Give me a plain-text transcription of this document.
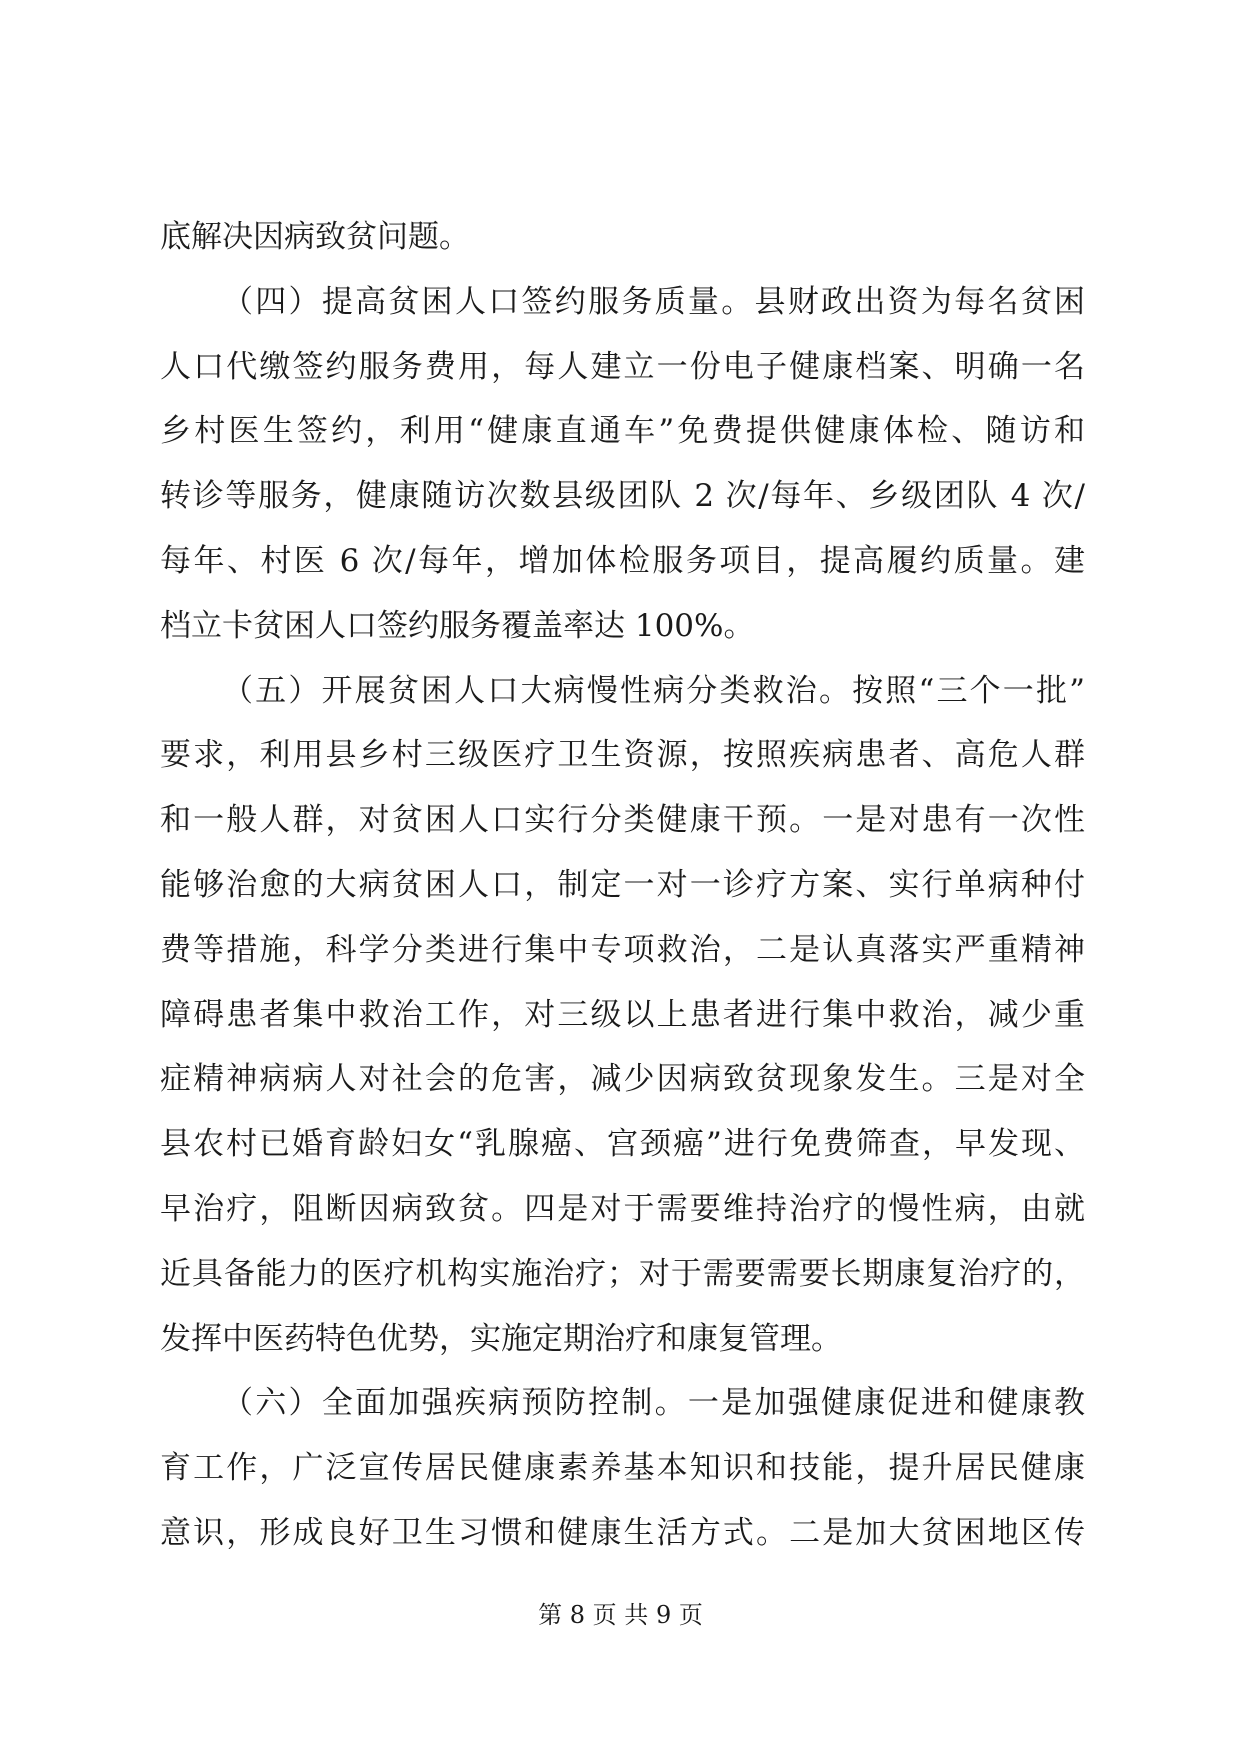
底解决因病致贫问题。
（四）提高贫困人口签约服务质量。县财政出资为每名贫困
人口代缴签约服务费用，每人建立一份电子健康档案、明确一名
乡村医生签约，利用“健康直通车”免费提供健康体检、随访和
转诊等服务，健康随访次数县级团队 2 次/每年、乡级团队 4 次/
每年、村医 6 次/每年，增加体检服务项目，提高履约质量。建
档立卡贫困人口签约服务覆盖率达 100%。
（五）开展贫困人口大病慢性病分类救治。按照“三个一批”
要求，利用县乡村三级医疗卫生资源，按照疾病患者、高危人群
和一般人群，对贫困人口实行分类健康干预。一是对患有一次性
能够治愈的大病贫困人口，制定一对一诊疗方案、实行单病种付
费等措施，科学分类进行集中专项救治，二是认真落实严重精神
障碍患者集中救治工作，对三级以上患者进行集中救治，减少重
症精神病病人对社会的危害，减少因病致贫现象发生。三是对全
县农村已婚育龄妇女“乳腺癌、宫颈癌”进行免费筛查，早发现、
早治疗，阻断因病致贫。四是对于需要维持治疗的慢性病，由就
近具备能力的医疗机构实施治疗；对于需要需要长期康复治疗的，
发挥中医药特色优势，实施定期治疗和康复管理。
（六）全面加强疾病预防控制。一是加强健康促进和健康教
育工作，广泛宣传居民健康素养基本知识和技能，提升居民健康
意识，形成良好卫生习惯和健康生活方式。二是加大贫困地区传
第 8 页 共 9 页
